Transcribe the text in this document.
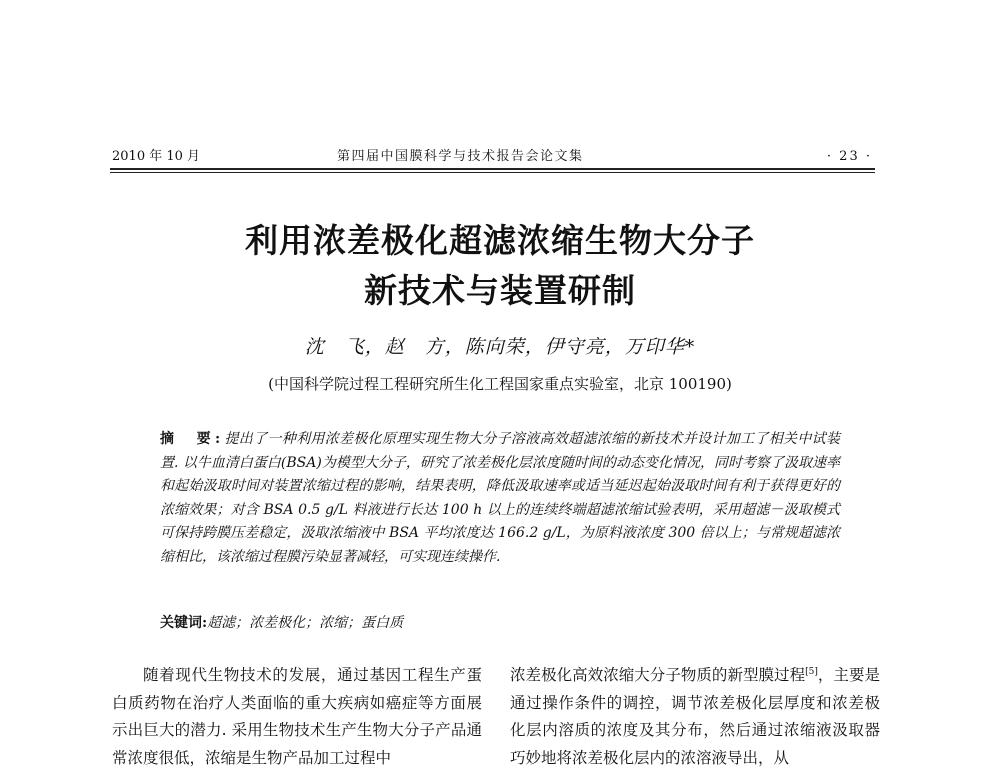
2010 年 10 月	第四届中国膜科学与技术报告会论文集	· 23 ·
利用浓差极化超滤浓缩生物大分子
新技术与装置研制
沈　飞，赵　方，陈向荣，伊守亮，万印华*
(中国科学院过程工程研究所生化工程国家重点实验室，北京 100190)
摘　要:提出了一种利用浓差极化原理实现生物大分子溶液高效超滤浓缩的新技术并设计加工了相关中试装置. 以牛血清白蛋白(BSA)为模型大分子，研究了浓差极化层浓度随时间的动态变化情况，同时考察了汲取速率和起始汲取时间对装置浓缩过程的影响，结果表明，降低汲取速率或适当延迟起始汲取时间有利于获得更好的浓缩效果；对含 BSA 0.5 g/L 料液进行长达 100 h 以上的连续终端超滤浓缩试验表明，采用超滤－汲取模式可保持跨膜压差稳定，汲取浓缩液中 BSA 平均浓度达 166.2 g/L，为原料液浓度 300 倍以上；与常规超滤浓缩相比，该浓缩过程膜污染显著减轻，可实现连续操作.
关键词:超滤；浓差极化；浓缩；蛋白质

随着现代生物技术的发展，通过基因工程生产蛋白质药物在治疗人类面临的重大疾病如癌症等方面展示出巨大的潜力. 采用生物技术生产生物大分子产品通常浓度很低，浓缩是生物产品加工过程中

浓差极化高效浓缩大分子物质的新型膜过程[5]，主要是通过操作条件的调控，调节浓差极化层厚度和浓差极化层内溶质的浓度及其分布，然后通过浓缩液汲取器巧妙地将浓差极化层内的浓溶液导出，从
